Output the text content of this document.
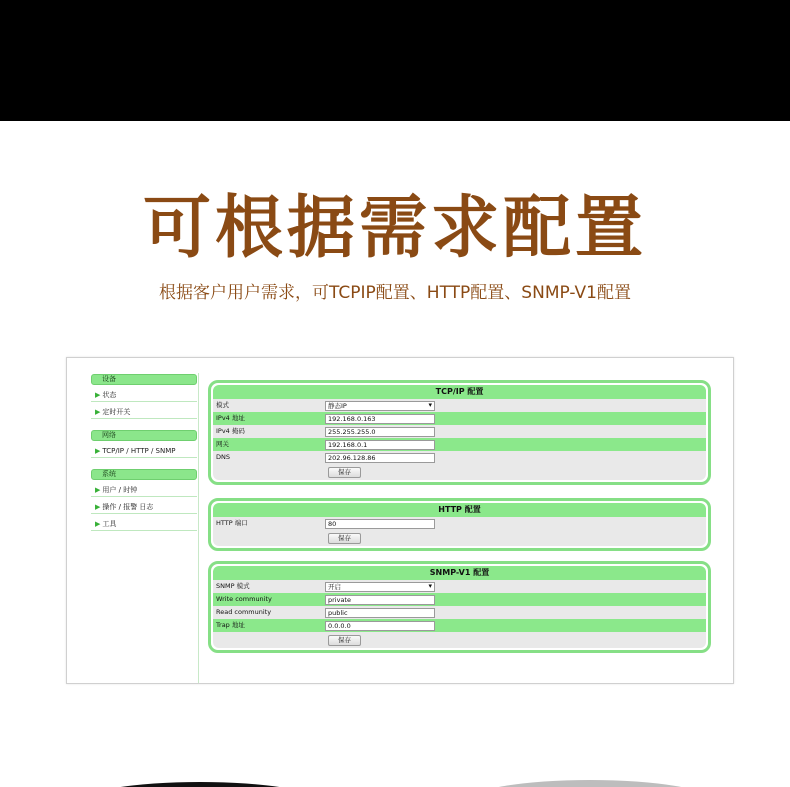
可根据需求配置
根据客户用户需求，可TCPIP配置、HTTP配置、SNMP-V1配置
设备
▶ 状态
▶ 定时开关
网络
▶ TCP/IP / HTTP / SNMP
系统
▶ 用户 / 时钟
▶ 操作 / 报警 日志
▶ 工具
TCP/IP 配置
模式	静态IP ▾
IPv4 地址	192.168.0.163
IPv4 掩码	255.255.255.0
网关	192.168.0.1
DNS	202.96.128.86
保存
HTTP 配置
HTTP 端口	80
保存
SNMP-V1 配置
SNMP 模式	开启 ▾
Write community	private
Read community	public
Trap 地址	0.0.0.0
保存
